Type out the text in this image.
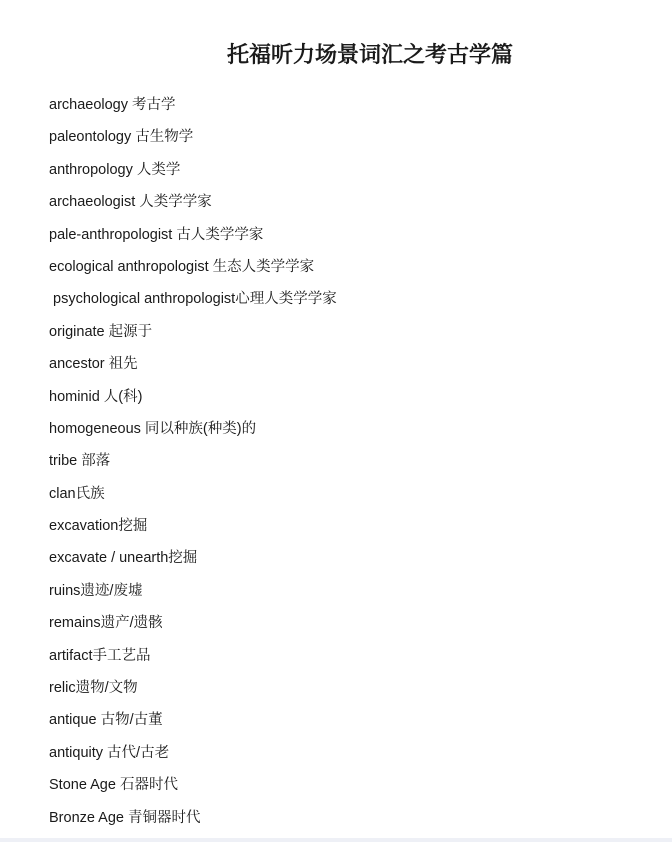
托福听力场景词汇之考古学篇
archaeology 考古学
paleontology 古生物学
anthropology 人类学
archaeologist 人类学学家
pale-anthropologist 古人类学学家
ecological anthropologist 生态人类学学家
psychological anthropologist心理人类学学家
originate 起源于
ancestor 祖先
hominid 人(科)
homogeneous 同以种族(种类)的
tribe 部落
clan氏族
excavation挖掘
excavate / unearth挖掘
ruins遗迹/废墟
remains遗产/遗骸
artifact手工艺品
relic遗物/文物
antique 古物/古董
antiquity 古代/古老
Stone Age 石器时代
Bronze Age 青铜器时代
